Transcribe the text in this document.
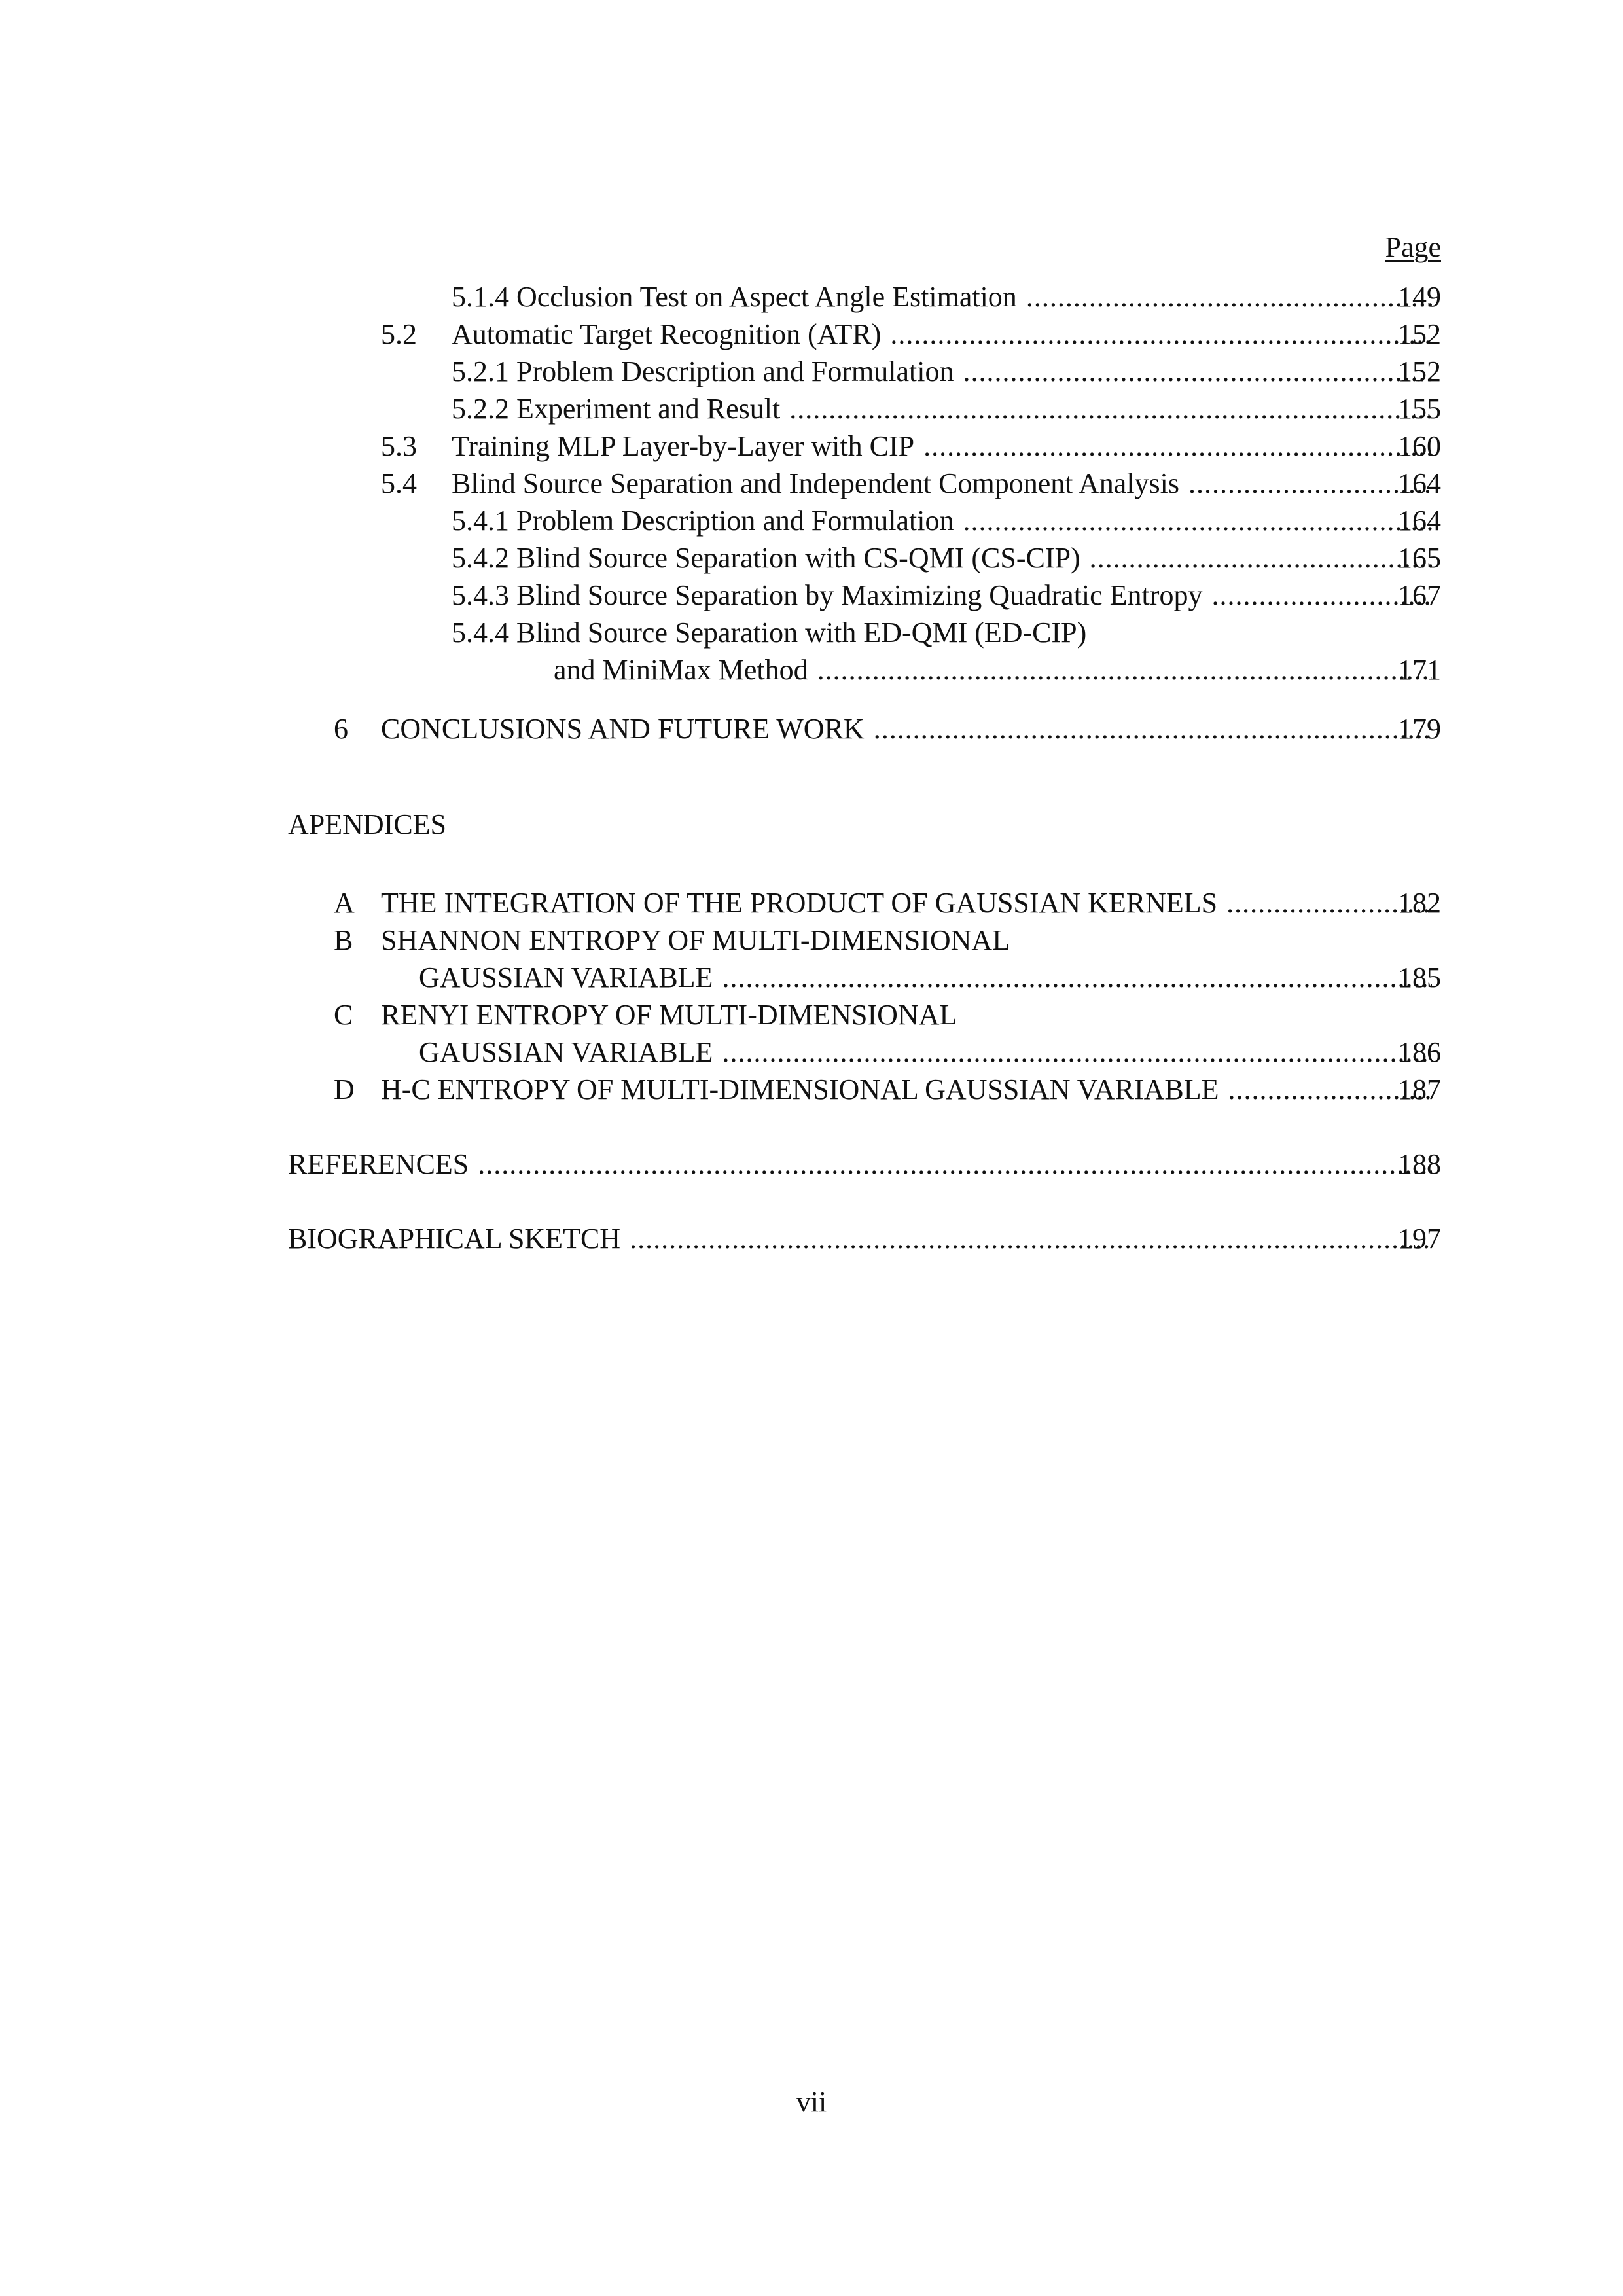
Page
5.1.4 Occlusion Test on Aspect Angle Estimation .....	149
5.2 Automatic Target Recognition (ATR) .....	152
5.2.1 Problem Description and Formulation .....	152
5.2.2 Experiment and Result .....	155
5.3 Training MLP Layer-by-Layer with CIP .....	160
5.4 Blind Source Separation and Independent Component Analysis .....	164
5.4.1 Problem Description and Formulation .....	164
5.4.2 Blind Source Separation with CS-QMI (CS-CIP) .....	165
5.4.3 Blind Source Separation by Maximizing Quadratic Entropy .....	167
5.4.4 Blind Source Separation with ED-QMI (ED-CIP)
and MiniMax Method .....	171
6 CONCLUSIONS AND FUTURE WORK .....	179
APENDICES
A THE INTEGRATION OF THE PRODUCT OF GAUSSIAN KERNELS .....	182
B SHANNON ENTROPY OF MULTI-DIMENSIONAL
GAUSSIAN VARIABLE .....	185
C RENYI ENTROPY OF MULTI-DIMENSIONAL
GAUSSIAN VARIABLE .....	186
D H-C ENTROPY OF MULTI-DIMENSIONAL GAUSSIAN VARIABLE .....	187
REFERENCES .....	188
BIOGRAPHICAL SKETCH .....	197
vii
